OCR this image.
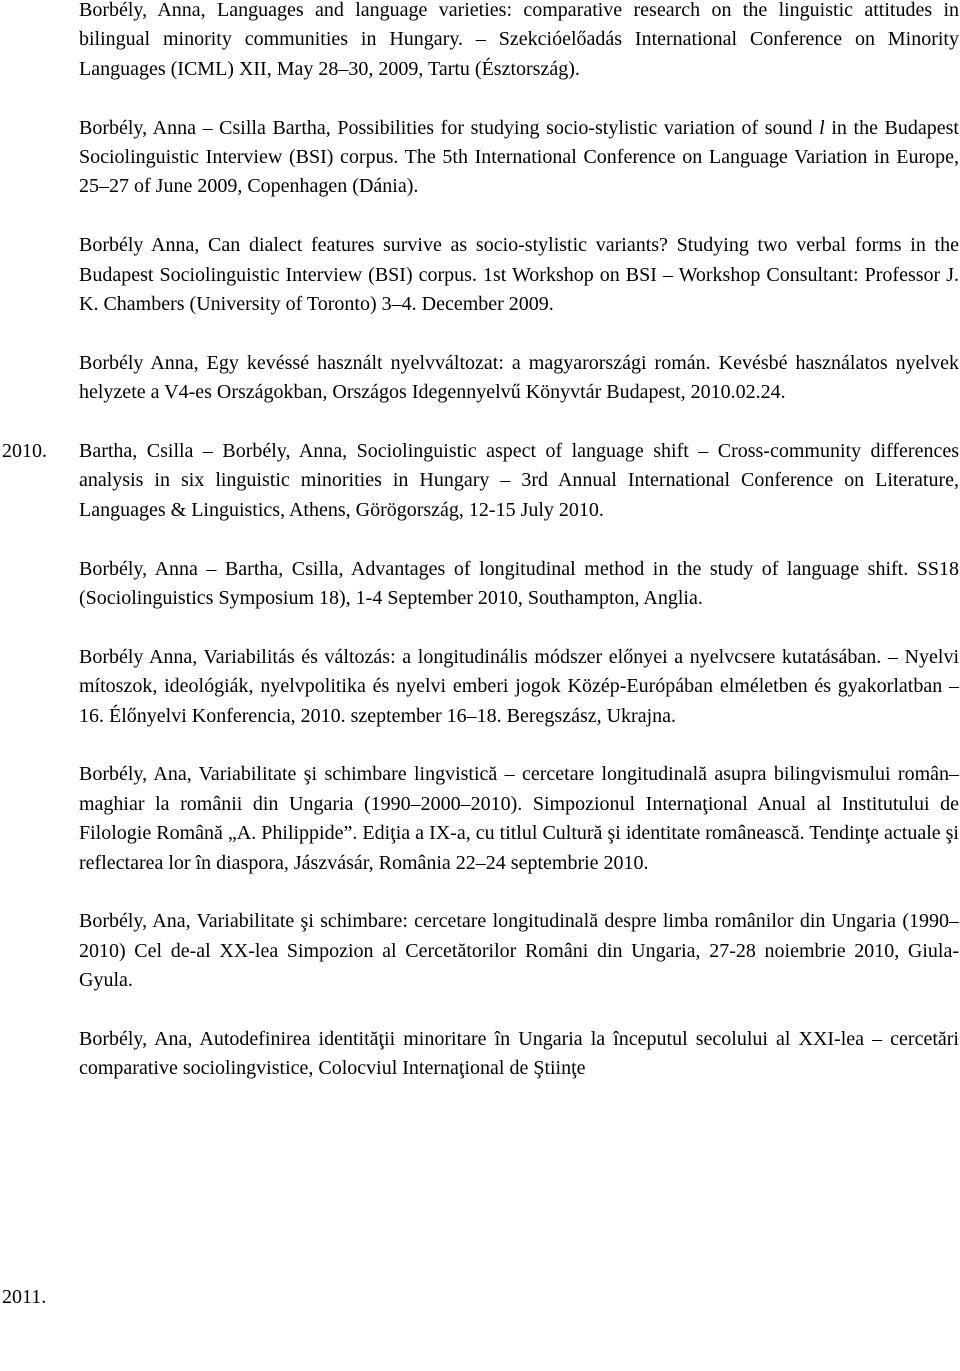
2010.
2011.

Borbély, Anna, Languages and language varieties: comparative research on the linguistic attitudes in bilingual minority communities in Hungary. – Szekcióelőadás International Conference on Minority Languages (ICML) XII, May 28–30, 2009, Tartu (Észtország).

Borbély, Anna – Csilla Bartha, Possibilities for studying socio-stylistic variation of sound l in the Budapest Sociolinguistic Interview (BSI) corpus. The 5th International Conference on Language Variation in Europe, 25–27 of June 2009, Copenhagen (Dánia).

Borbély Anna, Can dialect features survive as socio-stylistic variants? Studying two verbal forms in the Budapest Sociolinguistic Interview (BSI) corpus. 1st Workshop on BSI – Workshop Consultant: Professor J. K. Chambers (University of Toronto) 3–4. December 2009.

Borbély Anna, Egy kevéssé használt nyelvváltozat: a magyarországi román. Kevésbé használatos nyelvek helyzete a V4-es Országokban, Országos Idegennyelvű Könyvtár Budapest, 2010.02.24.

Bartha, Csilla – Borbély, Anna, Sociolinguistic aspect of language shift – Cross-community differences analysis in six linguistic minorities in Hungary – 3rd Annual International Conference on Literature, Languages & Linguistics, Athens, Görögország, 12-15 July 2010.

Borbély, Anna – Bartha, Csilla, Advantages of longitudinal method in the study of language shift. SS18 (Sociolinguistics Symposium 18), 1-4 September 2010, Southampton, Anglia.

Borbély Anna, Variabilitás és változás: a longitudinális módszer előnyei a nyelvcsere kutatásában. – Nyelvi mítoszok, ideológiák, nyelvpolitika és nyelvi emberi jogok Közép-Európában elméletben és gyakorlatban – 16. Élőnyelvi Konferencia, 2010. szeptember 16–18. Beregszász, Ukrajna.

Borbély, Ana, Variabilitate şi schimbare lingvistică – cercetare longitudinală asupra bilingvismului român–maghiar la românii din Ungaria (1990–2000–2010). Simpozionul Internaţional Anual al Institutului de Filologie Română „A. Philippide”. Ediţia a IX-a, cu titlul Cultură şi identitate românească. Tendinţe actuale şi reflectarea lor în diaspora, Jászvásár, România 22–24 septembrie 2010.

Borbély, Ana, Variabilitate şi schimbare: cercetare longitudinală despre limba românilor din Ungaria (1990–2010) Cel de-al XX-lea Simpozion al Cercetătorilor Români din Ungaria, 27-28 noiembrie 2010, Giula-Gyula.

Borbély, Ana, Autodefinirea identităţii minoritare în Ungaria la începutul secolului al XXI-lea – cercetări comparative sociolingvistice, Colocviul Internaţional de Ştiinţe
